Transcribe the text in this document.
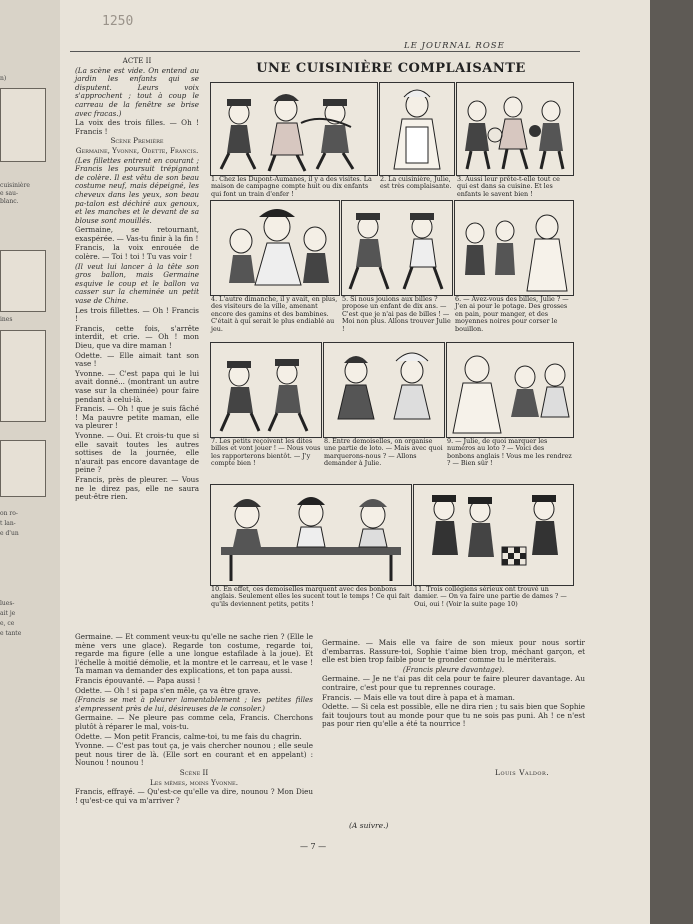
n)
cuisinière
e sau-
blanc.
ines
on ro-
t lan-
e d'un
lues-
ait je
e, ce
e tante
1250
LE JOURNAL ROSE

ACTE II

(La scène est vide. On entend au jardin les enfants qui se disputent. Leurs voix s'approchent ; tout à coup le carreau de la fenêtre se brise avec fracas.)

La voix des trois filles. — Oh ! Francis !

Scène Première

Germaine, Yvonne, Odette, Francis.

(Les fillettes entrent en courant ; Francis les poursuit trépignant de colère. Il est vêtu de son beau costume neuf, mais dépeigné, les cheveux dans les yeux, son beau pa-talon est déchiré aux genoux, et les manches et le devant de sa blouse sont mouillés.

Germaine, se retournant, exaspérée. — Vas-tu finir à la fin !

Francis, la voix enrouée de colère. — Toi ! toi ! Tu vas voir !

(Il veut lui lancer à la tête son gros ballon, mais Germaine esquive le coup et le ballon va casser sur la cheminée un petit vase de Chine.

Les trois fillettes. — Oh ! Francis !

Francis, cette fois, s'arrête interdit, et crie. — Oh ! mon Dieu, que va dire maman !

Odette. — Elle aimait tant son vase !

Yvonne. — C'est papa qui le lui avait donné... (montrant un autre vase sur la cheminée) pour faire pendant à celui-là.

Francis. — Oh ! que je suis fâché ! Ma pauvre petite maman, elle va pleurer !

Yvonne. — Oui. Et crois-tu que si elle savait toutes les autres sottises de la journée, elle n'aurait pas encore davantage de peine ?

Francis, près de pleurer. — Vous ne le direz pas, elle ne saura peut-être rien.

UNE CUISINIÈRE COMPLAISANTE
1. Chez les Dupont-Aumanes, il y a des visites. La maison de campagne compte huit ou dix enfants qui font un train d'enfer !
2. La cuisinière, Julie, est très complaisante.
3. Aussi leur prête-t-elle tout ce qui est dans sa cuisine. Et les enfants le savent bien !
4. L'autre dimanche, il y avait, en plus, des visiteurs de la ville, amenant encore des gamins et des bambines. C'était à qui serait le plus endiablé au jeu.
5. Si nous jouions aux billes ? propose un enfant de dix ans. — C'est que je n'ai pas de billes ! — Moi non plus. Allons trouver Julie !
6. — Avez-vous des billes, Julie ? — J'en ai pour le potage. Des grosses en pain, pour manger, et des moyennes noires pour corser le bouillon.
7. Les petits reçoivent les dites billes et vont jouer ! — Nous vous les rapporterons bientôt. — J'y compte bien !
8. Entre demoiselles, on organise une partie de loto. — Mais avec quoi marquerons-nous ? — Allons demander à Julie.
9. — Julie, de quoi marquer les numéros au loto ? — Voici des bonbons anglais ! Vous me les rendrez ? — Bien sûr !
10. En effet, ces demoiselles marquent avec des bonbons anglais. Seulement elles les sucent tout le temps ! Ce qui fait qu'ils deviennent petits, petits !
11. Trois collégiens sérieux ont trouvé un damier. — On va faire une partie de dames ? — Oui, oui ! (Voir la suite page 10)

Germaine. — Et comment veux-tu qu'elle ne sache rien ? (Elle le mène vers une glace). Regarde ton costume, regarde toi, regarde ma figure (elle a une longue estafilade à la joue). Et l'échelle à moitié démolie, et la montre et le carreau, et le vase ! Ta maman va demander des explications, et ton papa aussi.

Francis épouvanté. — Papa aussi !

Odette. — Oh ! si papa s'en mêle, ça va être grave.

(Francis se met à pleurer lamentablement ; les petites filles s'empressent près de lui, désireuses de le consoler.)

Germaine. — Ne pleure pas comme cela, Francis. Cherchons plutôt à réparer le mal, vois-tu.

Odette. — Mon petit Francis, calme-toi, tu me fais du chagrin.

Yvonne. — C'est pas tout ça, je vais chercher nounou ; elle seule peut nous tirer de là. (Elle sort en courant et en appelant) : Nounou ! nounou !

Scène II

Les mêmes, moins Yvonne.

Francis, effrayé. — Qu'est-ce qu'elle va dire, nounou ? Mon Dieu ! qu'est-ce qui va m'arriver ?

Germaine. — Mais elle va faire de son mieux pour nous sortir d'embarras. Rassure-toi, Sophie t'aime bien trop, méchant garçon, et elle est bien trop faible pour te gronder comme tu le mériterais.

(Francis pleure davantage).

Germaine. — Je ne t'ai pas dit cela pour te faire pleurer davantage. Au contraire, c'est pour que tu reprennes courage.

Francis. — Mais elle va tout dire à papa et à maman.

Odette. — Si cela est possible, elle ne dira rien ; tu sais bien que Sophie fait toujours tout au monde pour que tu ne sois pas puni. Ah ! ce n'est pas pour rien qu'elle a été ta nourrice !

Louis Valdor.
(A suivre.)
— 7 —
